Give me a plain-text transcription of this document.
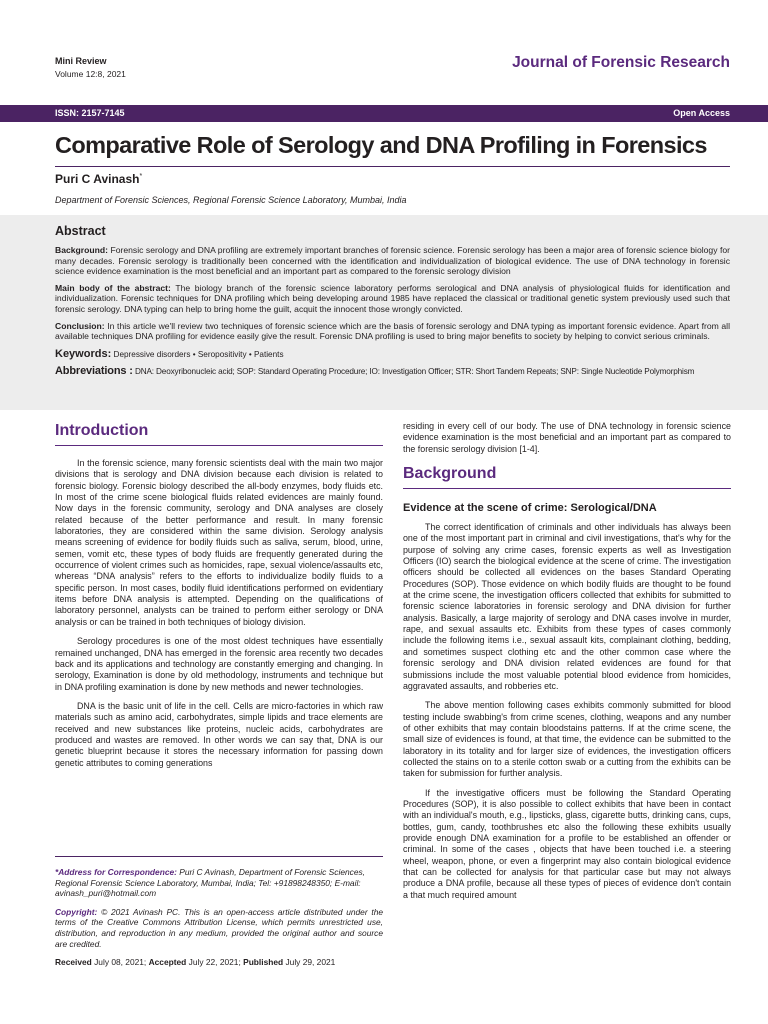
Mini Review
Volume 12:8, 2021
Journal of Forensic Research
ISSN: 2157-7145	Open Access
Comparative Role of Serology and DNA Profiling in Forensics
Puri C Avinash*
Department of Forensic Sciences, Regional Forensic Science Laboratory, Mumbai, India
Abstract

Background: Forensic serology and DNA profiling are extremely important branches of forensic science. Forensic serology has been a major area of forensic science biology for many decades. Forensic serology is traditionally been concerned with the identification and individualization of biological evidence. The use of DNA technology in forensic science evidence examination is the most beneficial and an important part as compared to the forensic serology division

Main body of the abstract: The biology branch of the forensic science laboratory performs serological and DNA analysis of physiological fluids for identification and individualization. Forensic techniques for DNA profiling which being developing around 1985 have replaced the classical or traditional genetic system previously used such that forensic serology. DNA typing can help to bring home the guilt, acquit the innocent those wrongly convicted.

Conclusion: In this article we'll review two techniques of forensic science which are the basis of forensic serology and DNA typing as important forensic evidence. Apart from all available techniques DNA profiling for evidence easily give the result. Forensic DNA profiling is used to bring major benefits to society by helping to convict serious criminals.

Keywords: Depressive disorders • Seropositivity • Patients
Abbreviations : DNA: Deoxyribonucleic acid; SOP: Standard Operating Procedure; IO: Investigation Officer; STR: Short Tandem Repeats; SNP: Single Nucleotide Polymorphism
Introduction

In the forensic science, many forensic scientists deal with the main two major divisions that is serology and DNA division because each division is related to forensic biology. Forensic biology described the all-body enzymes, body fluids etc. In most of the crime scene biological fluids related evidences are mainly found. Now days in the forensic community, serology and DNA analyses are closely related because of the better performance and result. In many forensic laboratories, they are considered within the same division. Serology analysis means screening of evidence for bodily fluids such as saliva, serum, blood, urine, semen, vomit etc, these types of body fluids are frequently generated during the occurrence of violent crimes such as homicides, rape, sexual violence/assaults etc, whereas “DNA analysis” refers to the efforts to individualize bodily fluids to a specific person. In most cases, bodily fluid identifications performed on evidentiary items before DNA analysis is attempted. Depending on the qualifications of laboratory personnel, analysts can be trained to perform either serology or DNA analysis or can be trained in both techniques of biology division.

Serology procedures is one of the most oldest techniques have essentially remained unchanged, DNA has emerged in the forensic area recently two decades back and its applications and technology are constantly emerging and changing. In serology, Examination is done by old methodology, instruments and technique but in DNA profiling examination is done by new methods and newer technologies.

DNA is the basic unit of life in the cell. Cells are micro-factories in which raw materials such as amino acid, carbohydrates, simple lipids and trace elements are received and new substances like proteins, nucleic acids, carbohydrates are produced and wastes are removed. In other words we can say that, DNA is our genetic blueprint because it stores the necessary information for passing down genetic attributes to coming generations

*Address for Correspondence: Puri C Avinash, Department of Forensic Sciences, Regional Forensic Science Laboratory, Mumbai, India; Tel: +91898248350; E-mail: avinash_puri@hotmail.com
Copyright: © 2021 Avinash PC. This is an open-access article distributed under the terms of the Creative Commons Attribution License, which permits unrestricted use, distribution, and reproduction in any medium, provided the original author and source are credited.
Received July 08, 2021; Accepted July 22, 2021; Published July 29, 2021

residing in every cell of our body. The use of DNA technology in forensic science evidence examination is the most beneficial and an important part as compared to the forensic serology division [1-4].

Background
Evidence at the scene of crime: Serological/DNA

The correct identification of criminals and other individuals has always been one of the most important part in criminal and civil investigations, that's why for the purpose of solving any crime cases, forensic experts as well as Investigation Officers (IO) search the biological evidence at the scene of crime. The investigation officers should be collected all evidences on the bases Standard Operating Procedures (SOP). Those evidence on which bodily fluids are thought to be found at the crime scene, the investigation officers collected that exhibits for submitted to forensic science laboratories in forensic serology and DNA division for further analysis. Basically, a large majority of serology and DNA cases involve in murder, rape, and sexual assaults etc. Exhibits from these types of cases commonly include the following items i.e., sexual assault kits, complainant clothing, bedding, and sometimes suspect clothing etc and the other common case where the forensic serology and DNA division related evidences are found for that submissions include the most valuable potential blood evidence from homicides, aggravated assaults, and robberies etc.

The above mention following cases exhibits commonly submitted for blood testing include swabbing's from crime scenes, clothing, weapons and any number of other exhibits that may contain bloodstains patterns. If at the crime scene, the small size of evidences is found, at that time, the evidence can be submitted to the laboratory in its totality and for larger size of evidences, the investigation officers collected the stains on to a sterile cotton swab or a cutting from the exhibits can be taken for submission for further analysis.

If the investigative officers must be following the Standard Operating Procedures (SOP), it is also possible to collect exhibits that have been in contact with an individual's mouth, e.g., lipsticks, glass, cigarette butts, drinking cans, cups, bottles, gum, candy, toothbrushes etc also the following these exhibits usually provide enough DNA examination for a profile to be established an offender or criminal. In some of the cases , objects that have been touched i.e. a steering wheel, weapon, phone, or even a fingerprint may also contain biological evidence that can be collected for analysis for that particular case but may not always produce a DNA profile, because all these types of pieces of evidence don't contain a that much required amount
